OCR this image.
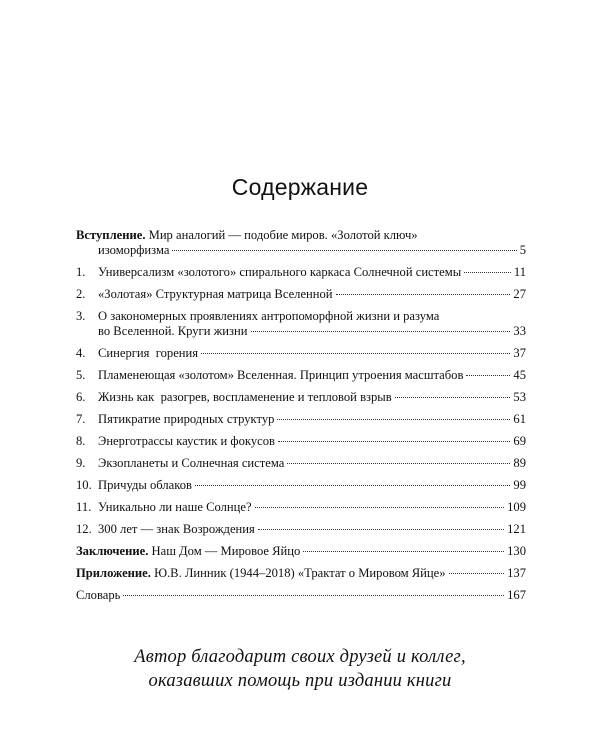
Содержание
Вступление. Мир аналогий — подобие миров. «Золотой ключ»
изоморфизма	5
1. Универсализм «золотого» спирального каркаса Солнечной системы	11
2. «Золотая» Структурная матрица Вселенной	27
3. О закономерных проявлениях антропоморфной жизни и разума
во Вселенной. Круги жизни	33
4. Синергия  горения	37
5. Пламенеющая «золотом» Вселенная. Принцип утроения масштабов	45
6. Жизнь как  разогрев, воспламенение и тепловой взрыв	53
7. Пятикратие природных структур	61
8. Энерготрассы каустик и фокусов	69
9. Экзопланеты и Солнечная система	89
10. Причуды облаков	99
11. Уникально ли наше Солнце?	109
12. 300 лет — знак Возрождения	121
Заключение. Наш Дом — Мировое Яйцо	130
Приложение. Ю.В. Линник (1944–2018) «Трактат о Мировом Яйце»	137
Словарь	167
Автор благодарит своих друзей и коллег,
оказавших помощь при издании книги
